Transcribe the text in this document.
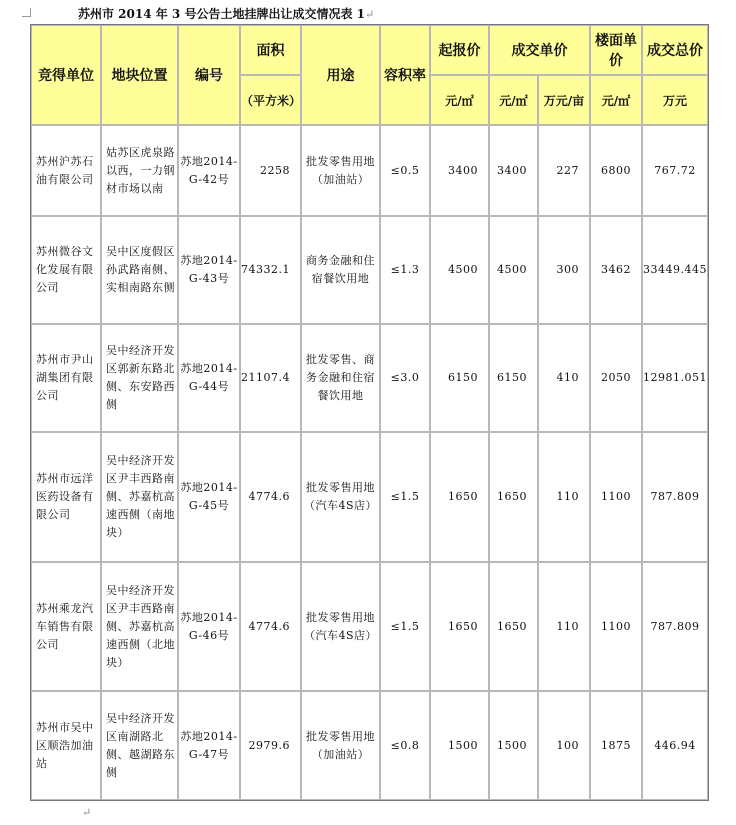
苏州市 2014 年 3 号公告土地挂牌出让成交情况表 1↵
竞得单位	地块位置	编号	面积	用途	容积率	起报价	成交单价		楼面单价	成交总价
			（平方米）			元/㎡	元/㎡	万元/亩	元/㎡	万元

苏州沪苏石油有限公司	姑苏区虎泉路以西，一力钢材市场以南	苏地2014-G-42号	2258	批发零售用地（加油站）	≤0.5	3400	3400	227	6800	767.72

苏州微谷文化发展有限公司	吴中区度假区孙武路南侧、实相南路东侧	苏地2014-G-43号	74332.1	商务金融和住宿餐饮用地	≤1.3	4500	4500	300	3462	33449.445

苏州市尹山湖集团有限公司	吴中经济开发区郭新东路北侧、东安路西侧	苏地2014-G-44号	21107.4	批发零售、商务金融和住宿餐饮用地	≤3.0	6150	6150	410	2050	12981.051

苏州市远洋医药设备有限公司	吴中经济开发区尹丰西路南侧、苏嘉杭高速西侧（南地块）	苏地2014-G-45号	4774.6	批发零售用地（汽车4S店）	≤1.5	1650	1650	110	1100	787.809

苏州乘龙汽车销售有限公司	吴中经济开发区尹丰西路南侧、苏嘉杭高速西侧（北地块）	苏地2014-G-46号	4774.6	批发零售用地（汽车4S店）	≤1.5	1650	1650	110	1100	787.809

苏州市吴中区顺浩加油站	吴中经济开发区南湖路北侧、越湖路东侧	苏地2014-G-47号	2979.6	批发零售用地（加油站）	≤0.8	1500	1500	100	1875	446.94
↵
